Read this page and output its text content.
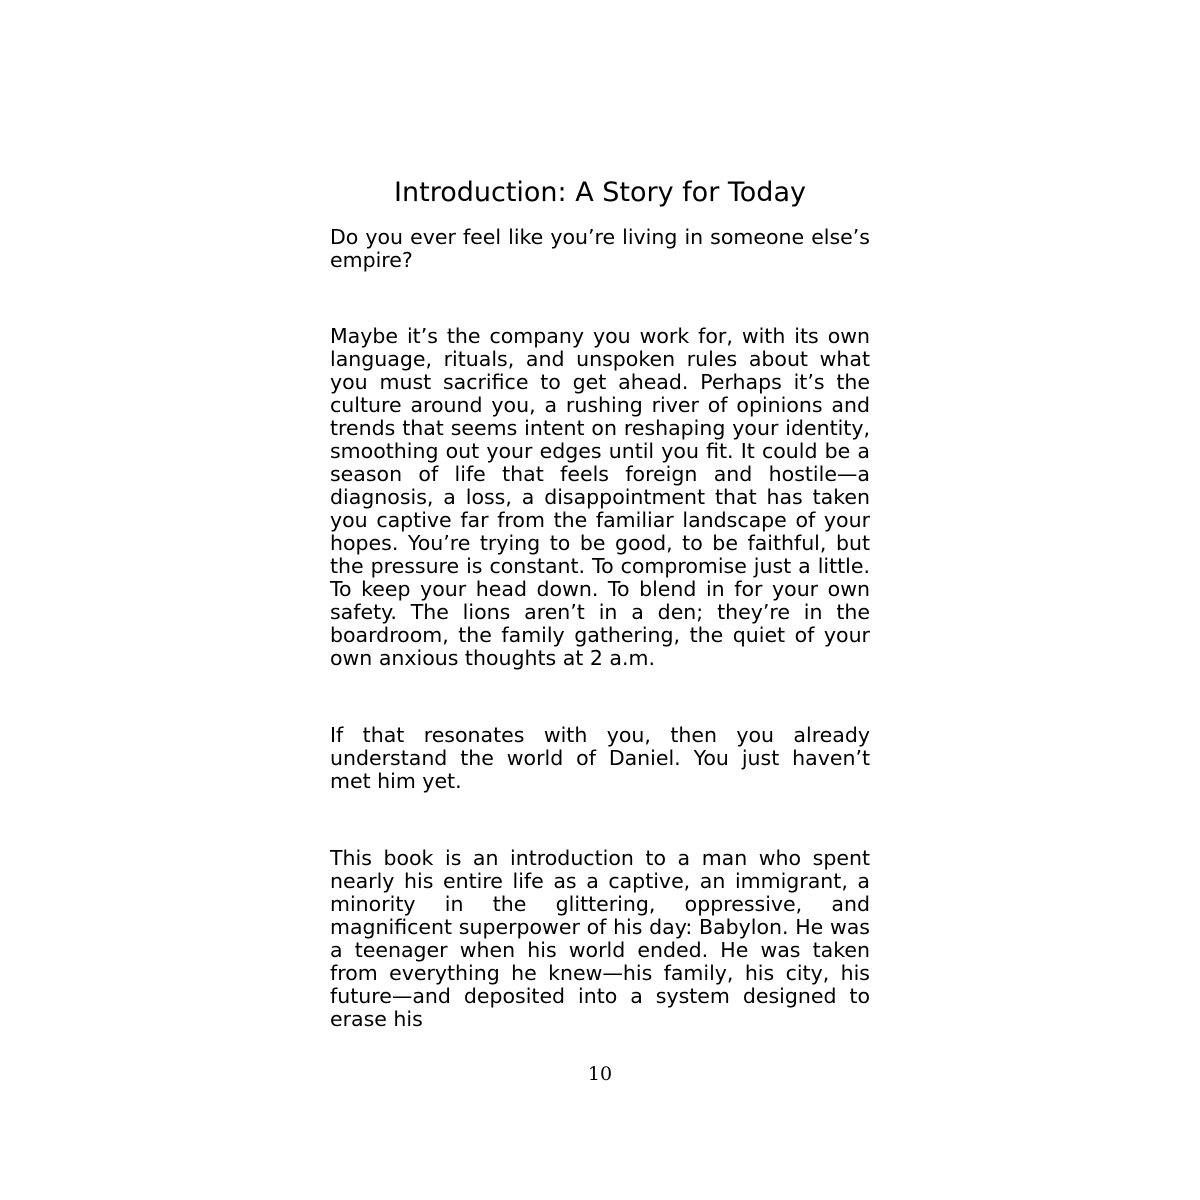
Introduction: A Story for Today

Do you ever feel like you’re living in someone else’s empire?

Maybe it’s the company you work for, with its own language, rituals, and unspoken rules about what you must sacrifice to get ahead. Perhaps it’s the culture around you, a rushing river of opinions and trends that seems intent on reshaping your identity, smoothing out your edges until you fit. It could be a season of life that feels foreign and hostile—a diagnosis, a loss, a disappointment that has taken you captive far from the familiar landscape of your hopes. You’re trying to be good, to be faithful, but the pressure is constant. To compromise just a little. To keep your head down. To blend in for your own safety. The lions aren’t in a den; they’re in the boardroom, the family gathering, the quiet of your own anxious thoughts at 2 a.m.

If that resonates with you, then you already understand the world of Daniel. You just haven’t met him yet.

This book is an introduction to a man who spent nearly his entire life as a captive, an immigrant, a minority in the glittering, oppressive, and magnificent superpower of his day: Babylon. He was a teenager when his world ended. He was taken from everything he knew—his family, his city, his future—and deposited into a system designed to erase his

10
